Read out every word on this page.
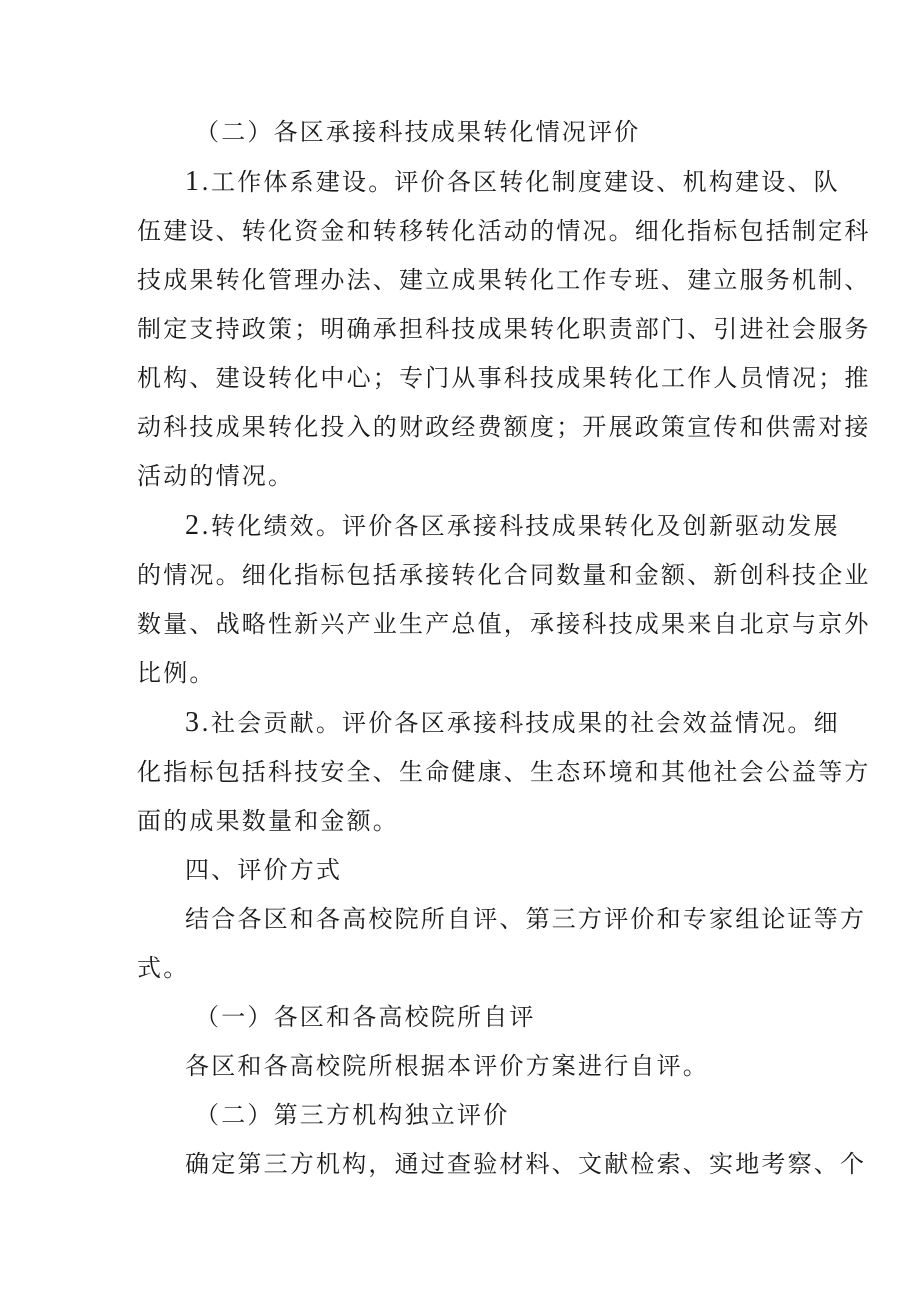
（二）各区承接科技成果转化情况评价

1.工作体系建设。评价各区转化制度建设、机构建设、队

伍建设、转化资金和转移转化活动的情况。细化指标包括制定科

技成果转化管理办法、建立成果转化工作专班、建立服务机制、

制定支持政策；明确承担科技成果转化职责部门、引进社会服务

机构、建设转化中心；专门从事科技成果转化工作人员情况；推

动科技成果转化投入的财政经费额度；开展政策宣传和供需对接

活动的情况。

2.转化绩效。评价各区承接科技成果转化及创新驱动发展

的情况。细化指标包括承接转化合同数量和金额、新创科技企业

数量、战略性新兴产业生产总值，承接科技成果来自北京与京外

比例。

3.社会贡献。评价各区承接科技成果的社会效益情况。细

化指标包括科技安全、生命健康、生态环境和其他社会公益等方

面的成果数量和金额。

四、评价方式

结合各区和各高校院所自评、第三方评价和专家组论证等方

式。

（一）各区和各高校院所自评

各区和各高校院所根据本评价方案进行自评。

（二）第三方机构独立评价

确定第三方机构，通过查验材料、文献检索、实地考察、个
